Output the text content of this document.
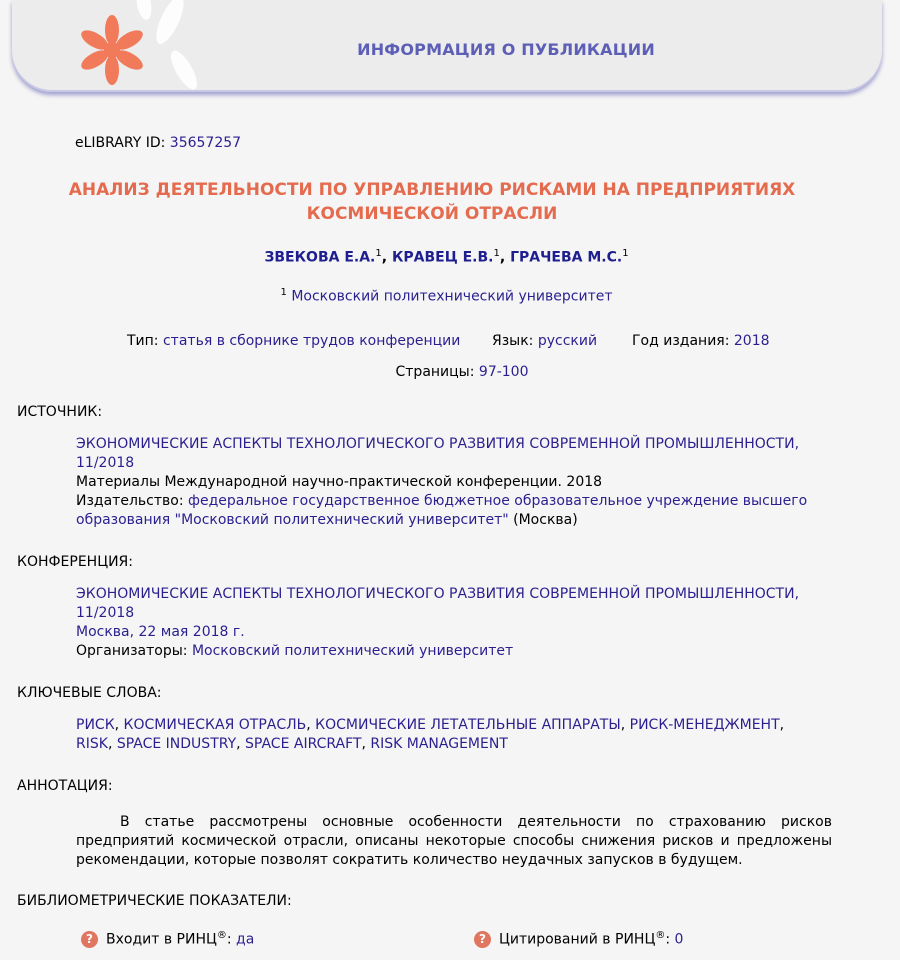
ИНФОРМАЦИЯ О ПУБЛИКАЦИИ
eLIBRARY ID: 35657257
АНАЛИЗ ДЕЯТЕЛЬНОСТИ ПО УПРАВЛЕНИЮ РИСКАМИ НА ПРЕДПРИЯТИЯХ
КОСМИЧЕСКОЙ ОТРАСЛИ
ЗВЕКОВА Е.А.$^1$, КРАВЕЦ Е.В.$^1$, ГРАЧЕВА М.С.$^1$
$^1$ Московский политехнический университет
Тип: статья в сборнике трудов конференции Язык: русский Год издания: 2018
Страницы: 97-100
ИСТОЧНИК:
ЭКОНОМИЧЕСКИЕ АСПЕКТЫ ТЕХНОЛОГИЧЕСКОГО РАЗВИТИЯ СОВРЕМЕННОЙ ПРОМЫШЛЕННОСТИ,
11/2018
Материалы Международной научно-практической конференции. 2018
Издательство: федеральное государственное бюджетное образовательное учреждение высшего
образования "Московский политехнический университет" (Москва)
КОНФЕРЕНЦИЯ:
ЭКОНОМИЧЕСКИЕ АСПЕКТЫ ТЕХНОЛОГИЧЕСКОГО РАЗВИТИЯ СОВРЕМЕННОЙ ПРОМЫШЛЕННОСТИ,
11/2018
Москва, 22 мая 2018 г.
Организаторы: Московский политехнический университет
КЛЮЧЕВЫЕ СЛОВА:
РИСК, КОСМИЧЕСКАЯ ОТРАСЛЬ, КОСМИЧЕСКИЕ ЛЕТАТЕЛЬНЫЕ АППАРАТЫ, РИСК-МЕНЕДЖМЕНТ,
RISK, SPACE INDUSTRY, SPACE AIRCRAFT, RISK MANAGEMENT
АННОТАЦИЯ:
В статье рассмотрены основные особенности деятельности по страхованию рисков предприятий космической отрасли, описаны некоторые способы снижения рисков и предложены рекомендации, которые позволят сократить количество неудачных запусков в будущем.
БИБЛИОМЕТРИЧЕСКИЕ ПОКАЗАТЕЛИ:
? Входит в РИНЦ®: да	? Цитирований в РИНЦ®: 0
